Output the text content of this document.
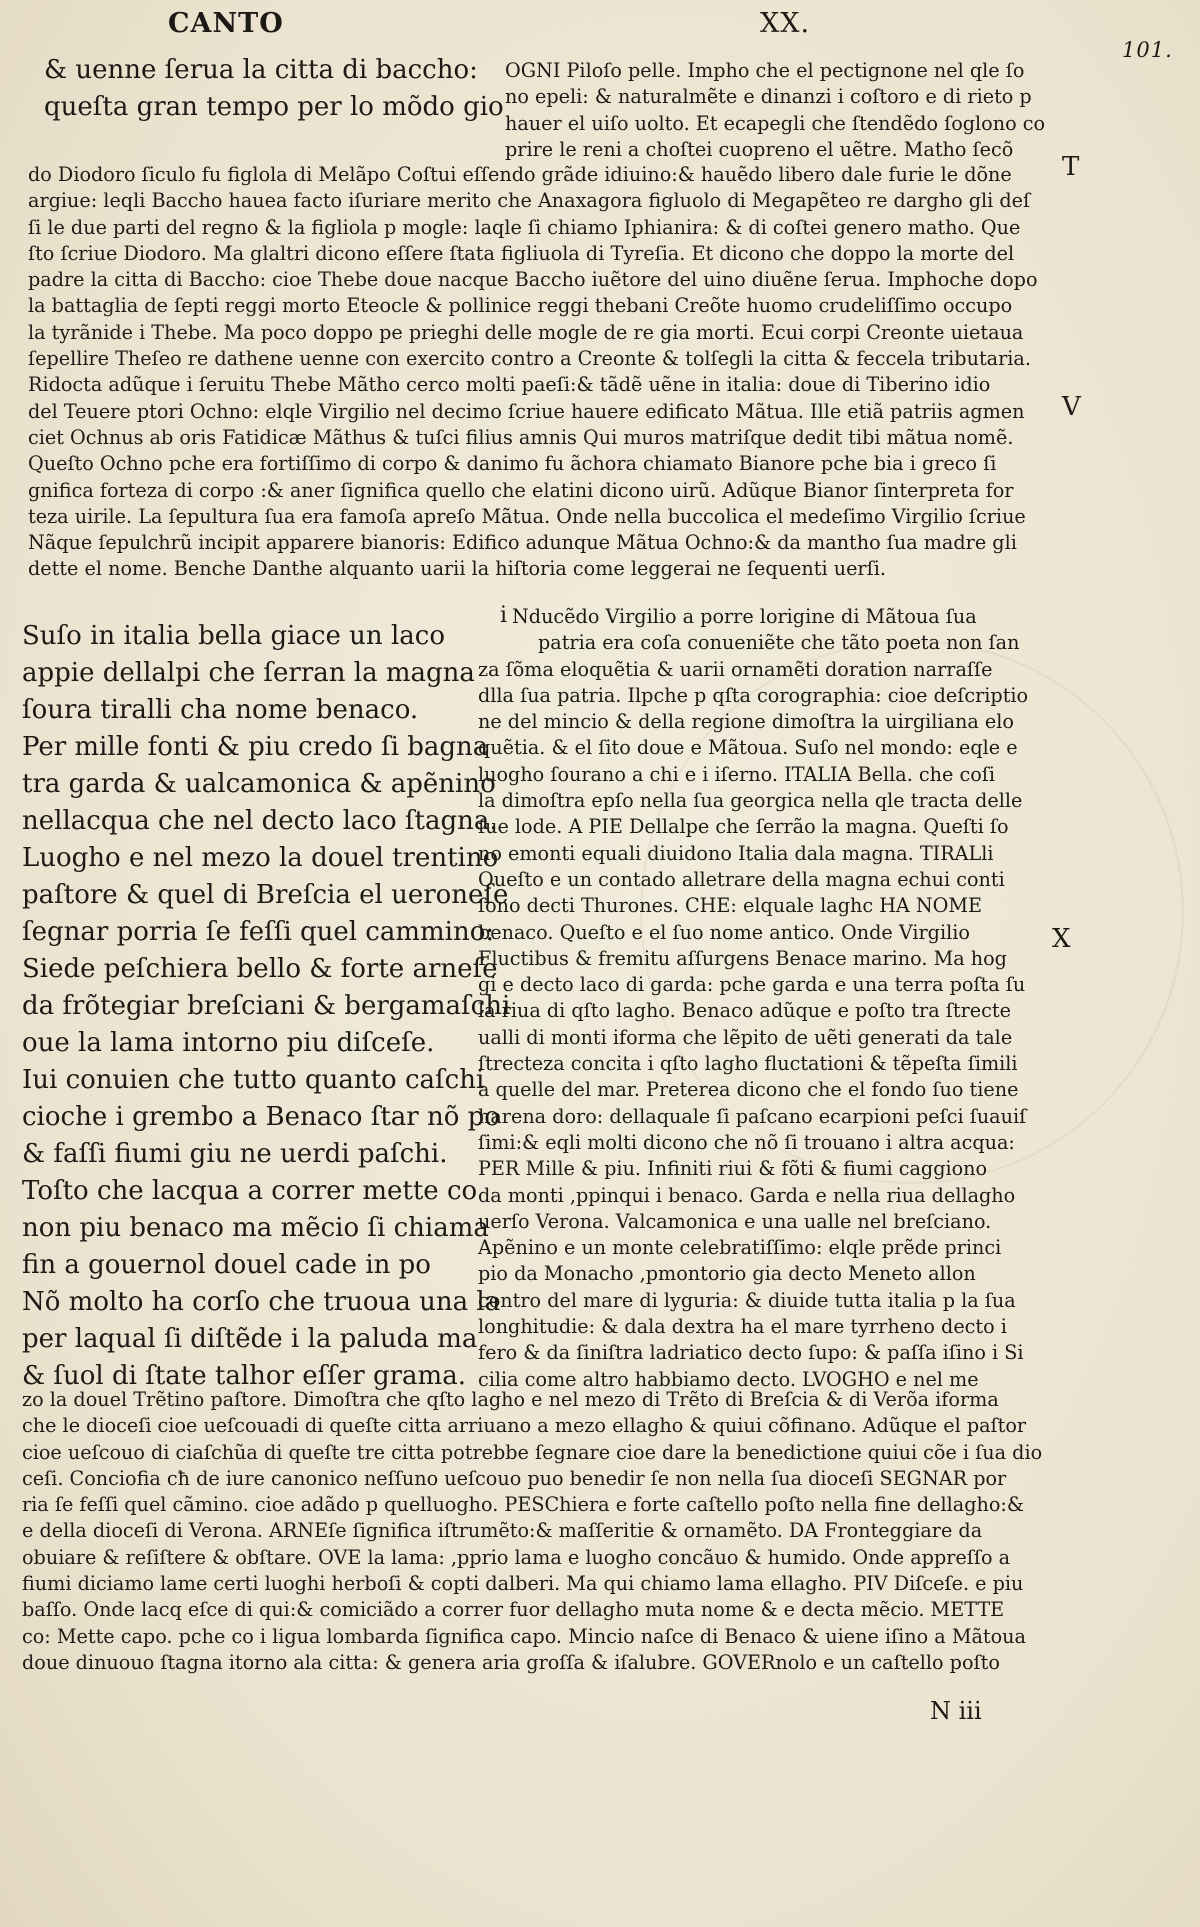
CANTO	XX.
101.
& uenne ſerua la citta di baccho:
queſta gran tempo per lo mõdo gio
OGNI Piloſo pelle. Impho che el pectignone nel qle ſo
no epeli: & naturalmẽte e dinanzi i coſtoro e di rieto p
hauer el uiſo uolto. Et ecapegli che ſtendẽdo ſoglono co
prire le reni a choſtei cuopreno el uẽtre. Matho ſecõ
do Diodoro ſiculo fu figlola di Melãpo Coſtui eſſendo grãde idiuino:& hauẽdo libero dale furie le dõne
argiue: leqli Baccho hauea facto iſuriare merito che Anaxagora figluolo di Megapẽteo re dargho gli deſ
ſi le due parti del regno & la figliola p mogle: laqle ſi chiamo Iphianira: & di coſtei genero matho. Que
ſto ſcriue Diodoro. Ma glaltri dicono eſſere ſtata figliuola di Tyreſia. Et dicono che doppo la morte del
padre la citta di Baccho: cioe Thebe doue nacque Baccho iuẽtore del uino diuẽne ſerua. Imphoche dopo
la battaglia de ſepti reggi morto Eteocle & pollinice reggi thebani Creõte huomo crudeliſſimo occupo
la tyrãnide i Thebe. Ma poco doppo pe prieghi delle mogle de re gia morti. Ecui corpi Creonte uietaua
ſepellire Theſeo re dathene uenne con exercito contro a Creonte & tolſegli la citta & feccela tributaria.
Ridocta adũque i ſeruitu Thebe Mãtho cerco molti paeſi:& tãdẽ uẽne in italia: doue di Tiberino idio
del Teuere ptori Ochno: elqle Virgilio nel decimo ſcriue hauere edificato Mãtua. Ille etiã patriis agmen
ciet Ochnus ab oris Fatidicæ Mãthus & tuſci filius amnis Qui muros matriſque dedit tibi mãtua nomẽ.
Queſto Ochno pche era fortiſſimo di corpo & danimo fu ãchora chiamato Bianore pche bia i greco ſi
gnifica forteza di corpo :& aner ſignifica quello che elatini dicono uirũ. Adũque Bianor ſinterpreta for
teza uirile. La ſepultura ſua era famoſa apreſo Mãtua. Onde nella buccolica el medeſimo Virgilio ſcriue
Nãque ſepulchrũ incipit apparere bianoris: Edifico adunque Mãtua Ochno:& da mantho ſua madre gli
dette el nome. Benche Danthe alquanto uarii la hiſtoria come leggerai ne ſequenti uerſi.
Suſo in italia bella giace un laco
appie dellalpi che ſerran la magna
ſoura tiralli cha nome benaco.
Per mille fonti & piu credo ſi bagna
tra garda & ualcamonica & apẽnino
nellacqua che nel decto laco ſtagna.
Luogho e nel mezo la douel trentino
paſtore & quel di Breſcia el ueroneſe
ſegnar porria ſe feſſi quel cammino:
Siede peſchiera bello & forte arneſe
da frõtegiar breſciani & bergamaſchi
oue la lama intorno piu diſceſe.
Iui conuien che tutto quanto caſchi
cioche i grembo a Benaco ſtar nõ po
& faſſi fiumi giu ne uerdi paſchi.
Toſto che lacqua a correr mette co
non piu benaco ma mẽcio ſi chiama
fin a gouernol douel cade in po
Nõ molto ha corſo che truoua una la
per laqual ſi diſtẽde i la paluda ma
& ſuol di ſtate talhor eſſer grama.
i Nducẽdo Virgilio a porre lorigine di Mãtoua ſua
patria era coſa conueniẽte che tãto poeta non ſan
za ſõma eloquẽtia & uarii ornamẽti doration narraſſe
dlla ſua patria. Ilpche p qſta corographia: cioe deſcriptio
ne del mincio & della regione dimoſtra la uirgiliana elo
quẽtia. & el ſito doue e Mãtoua. Suſo nel mondo: eqle e
luogho ſourano a chi e i iſerno. ITALIA Bella. che coſi
la dimoſtra epſo nella ſua georgica nella qle tracta delle
ſue lode. A PIE Dellalpe che ſerrão la magna. Queſti ſo
no emonti equali diuidono Italia dala magna. TIRALli
Queſto e un contado alletrare della magna echui conti
ſono decti Thurones. CHE: elquale laghc HA NOME
benaco. Queſto e el ſuo nome antico. Onde Virgilio
Fluctibus & fremitu aſſurgens Benace marino. Ma hog
gi e decto laco di garda: pche garda e una terra poſta ſu
la riua di qſto lagho. Benaco adũque e poſto tra ſtrecte
ualli di monti iforma che lẽpito de uẽti generati da tale
ſtrecteza concita i qſto lagho fluctationi & tẽpeſta ſimili
a quelle del mar. Preterea dicono che el fondo ſuo tiene
harena doro: dellaquale ſi paſcano ecarpioni peſci ſuauiſ
ſimi:& eqli molti dicono che nõ ſi trouano i altra acqua:
PER Mille & piu. Infiniti riui & fõti & fiumi caggiono
da monti ,ppinqui i benaco. Garda e nella riua dellagho
uerſo Verona. Valcamonica e una ualle nel breſciano.
Apẽnino e un monte celebratiſſimo: elqle prẽde princi
pio da Monacho ,pmontorio gia decto Meneto allon
contro del mare di lyguria: & diuide tutta italia p la ſua
longhitudie: & dala dextra ha el mare tyrrheno decto i
fero & da ſiniſtra ladriatico decto ſupo: & paſſa iſino i Si
cilia come altro habbiamo decto. LVOGHO e nel me
zo la douel Trẽtino paſtore. Dimoſtra che qſto lagho e nel mezo di Trẽto di Breſcia & di Verõa iforma
che le dioceſi cioe ueſcouadi di queſte citta arriuano a mezo ellagho & quiui cõfinano. Adũque el paſtor
cioe ueſcouo di ciaſchũa di queſte tre citta potrebbe ſegnare cioe dare la benedictione quiui cõe i ſua dio
ceſi. Conciofia cħ de iure canonico neſſuno ueſcouo puo benedir ſe non nella ſua dioceſi SEGNAR por
ria ſe feſſi quel cãmino. cioe adãdo p quelluogho. PESChiera e forte caſtello poſto nella fine dellagho:&
e della dioceſi di Verona. ARNEſe ſignifica iſtrumẽto:& maſſeritie & ornamẽto. DA Fronteggiare da
obuiare & reſiſtere & obſtare. OVE la lama: ,pprio lama e luogho concãuo & humido. Onde appreſſo a
fiumi diciamo lame certi luoghi herboſi & copti dalberi. Ma qui chiamo lama ellagho. PIV Diſceſe. e piu
baſſo. Onde lacq eſce di qui:& comiciãdo a correr fuor dellagho muta nome & e decta mẽcio. METTE
co: Mette capo. pche co i ligua lombarda ſignifica capo. Mincio naſce di Benaco & uiene iſino a Mãtoua
doue dinuouo ſtagna itorno ala citta: & genera aria groſſa & iſalubre. GOVERnolo e un caſtello poſto
T
V
X
N iii
